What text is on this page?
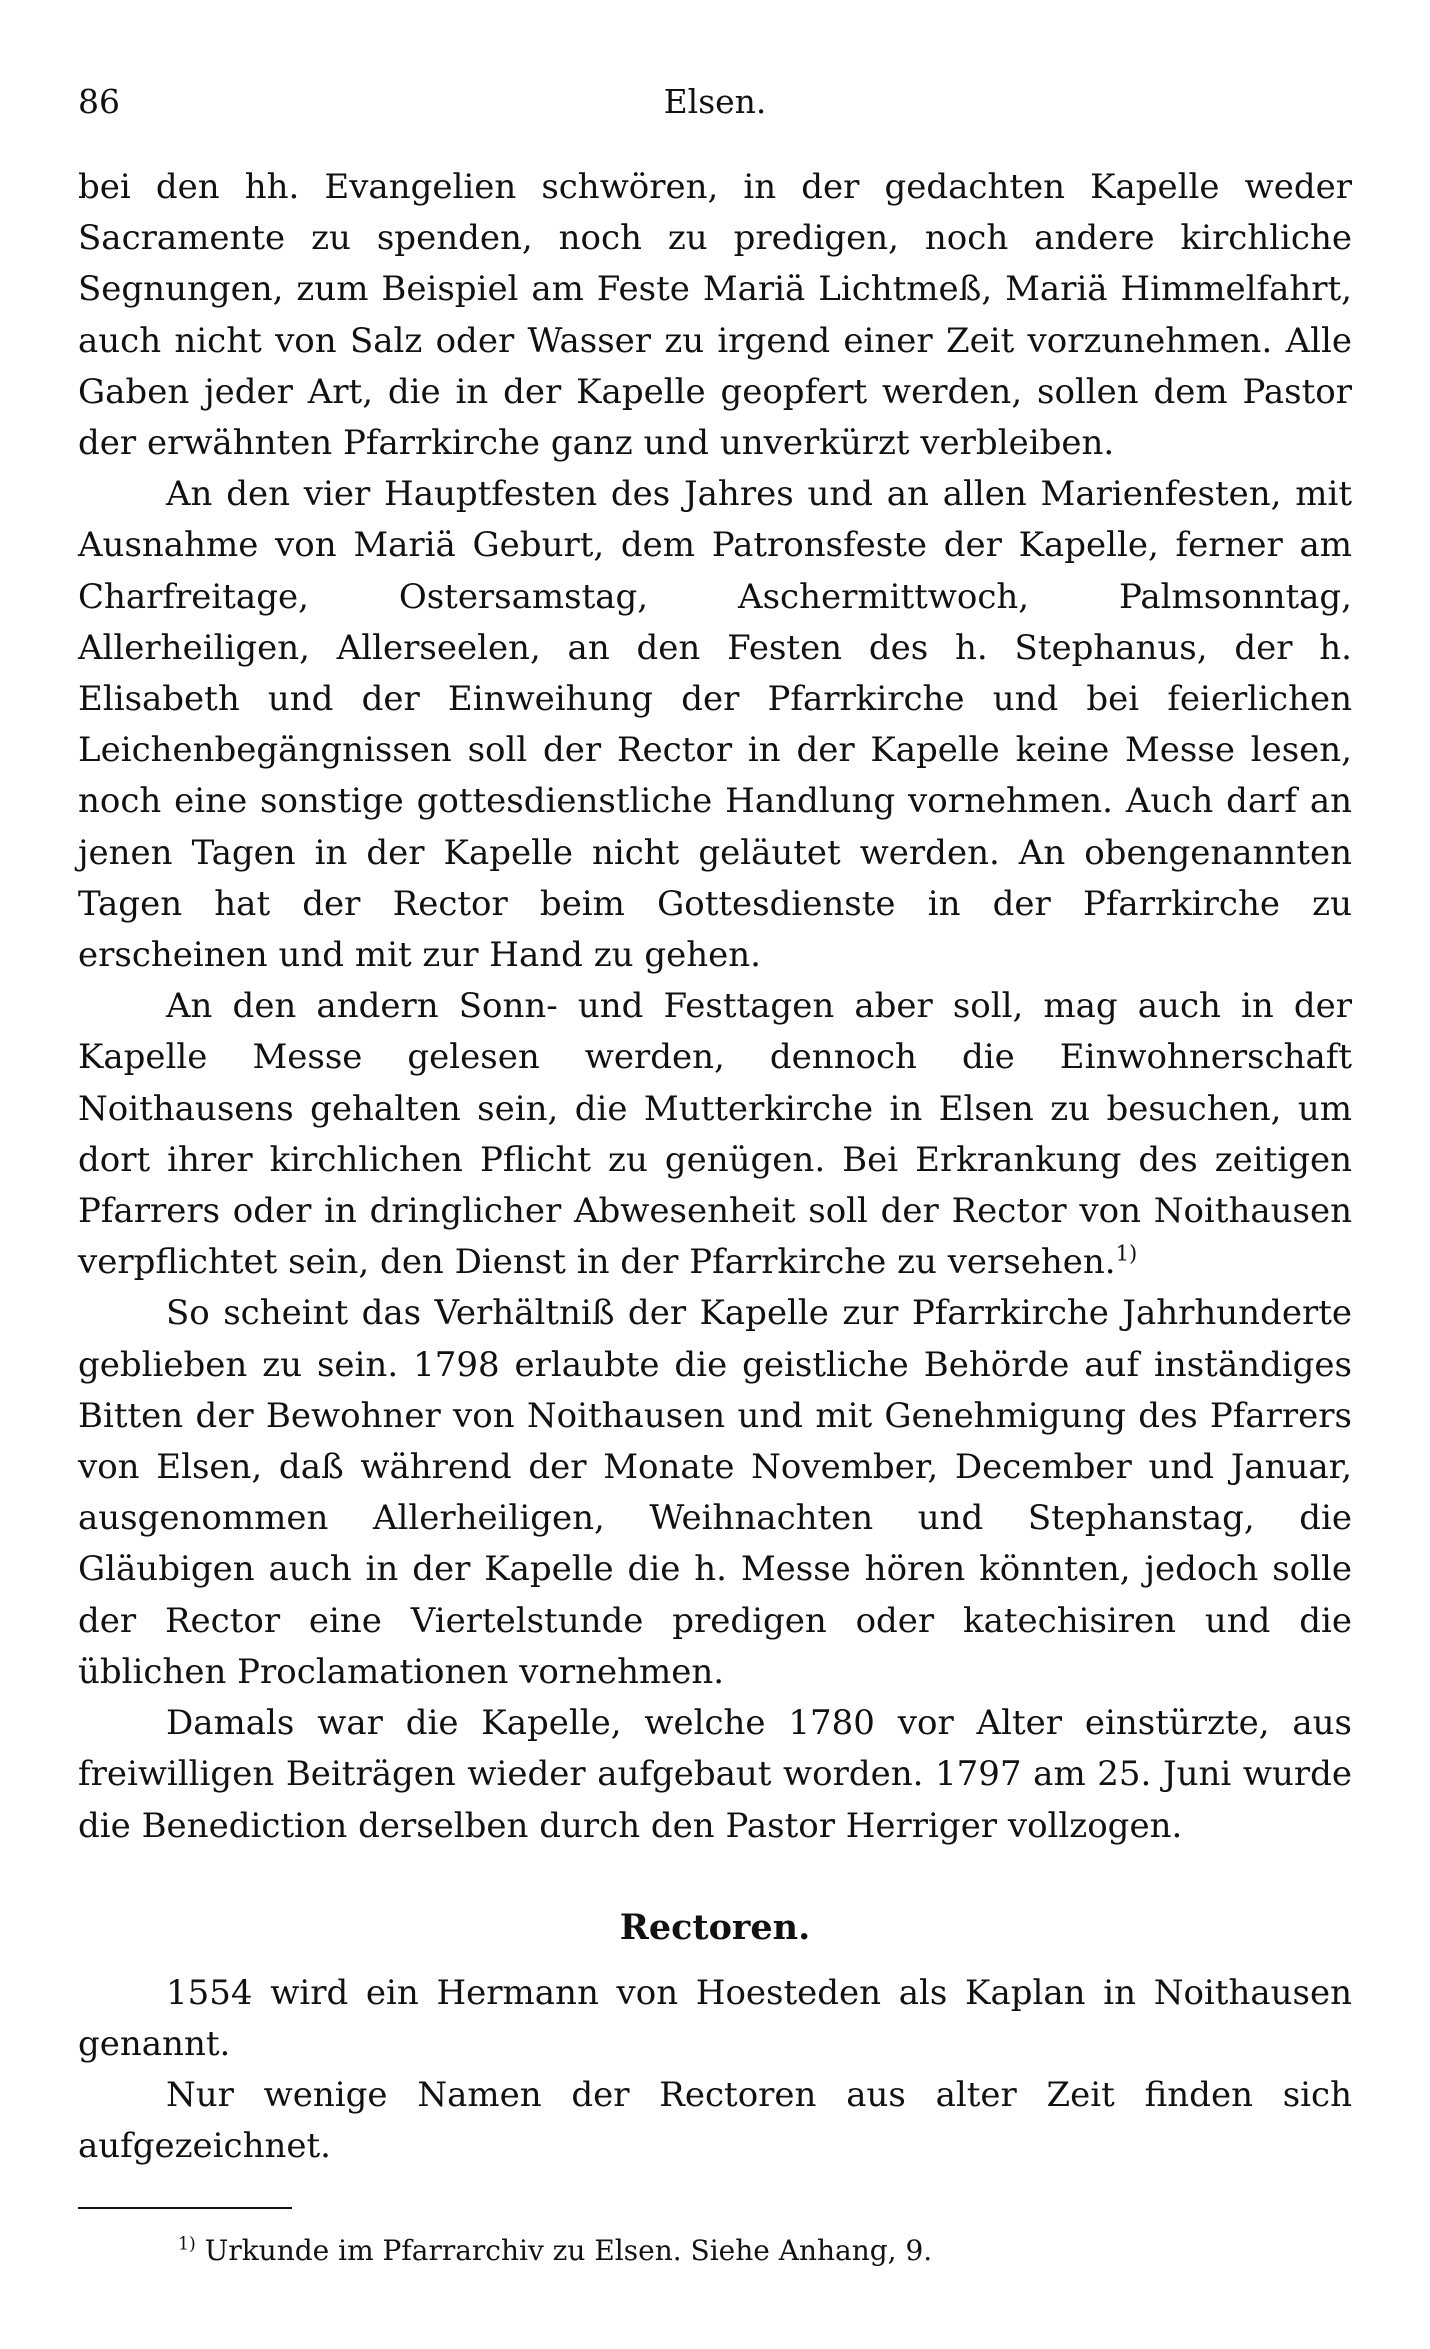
86	Elsen.

bei den hh. Evangelien schwören, in der gedachten Kapelle weder Sacramente zu spenden, noch zu predigen, noch andere kirchliche Segnungen, zum Beispiel am Feste Mariä Lichtmeß, Mariä Himmelfahrt, auch nicht von Salz oder Wasser zu irgend einer Zeit vorzunehmen. Alle Gaben jeder Art, die in der Kapelle geopfert werden, sollen dem Pastor der erwähnten Pfarrkirche ganz und unverkürzt verbleiben.

An den vier Hauptfesten des Jahres und an allen Marienfesten, mit Ausnahme von Mariä Geburt, dem Patronsfeste der Kapelle, ferner am Charfreitage, Ostersamstag, Aschermittwoch, Palmsonntag, Allerheiligen, Allerseelen, an den Festen des h. Stephanus, der h. Elisabeth und der Einweihung der Pfarrkirche und bei feierlichen Leichenbegängnissen soll der Rector in der Kapelle keine Messe lesen, noch eine sonstige gottesdienstliche Handlung vornehmen. Auch darf an jenen Tagen in der Kapelle nicht geläutet werden. An obengenannten Tagen hat der Rector beim Gottesdienste in der Pfarrkirche zu erscheinen und mit zur Hand zu gehen.

An den andern Sonn- und Festtagen aber soll, mag auch in der Kapelle Messe gelesen werden, dennoch die Einwohnerschaft Noithausens gehalten sein, die Mutterkirche in Elsen zu besuchen, um dort ihrer kirchlichen Pflicht zu genügen. Bei Erkrankung des zeitigen Pfarrers oder in dringlicher Abwesenheit soll der Rector von Noithausen verpflichtet sein, den Dienst in der Pfarrkirche zu versehen.$^{1)}$

So scheint das Verhältniß der Kapelle zur Pfarrkirche Jahrhunderte geblieben zu sein. 1798 erlaubte die geistliche Behörde auf inständiges Bitten der Bewohner von Noithausen und mit Genehmigung des Pfarrers von Elsen, daß während der Monate November, December und Januar, ausgenommen Allerheiligen, Weihnachten und Stephanstag, die Gläubigen auch in der Kapelle die h. Messe hören könnten, jedoch solle der Rector eine Viertelstunde predigen oder katechisiren und die üblichen Proclamationen vornehmen.

Damals war die Kapelle, welche 1780 vor Alter einstürzte, aus freiwilligen Beiträgen wieder aufgebaut worden. 1797 am 25. Juni wurde die Benediction derselben durch den Pastor Herriger vollzogen.

Rectoren.

1554 wird ein Hermann von Hoesteden als Kaplan in Noithausen genannt.

Nur wenige Namen der Rectoren aus alter Zeit finden sich aufgezeichnet.

$^{1)}$ Urkunde im Pfarrarchiv zu Elsen. Siehe Anhang, 9.
